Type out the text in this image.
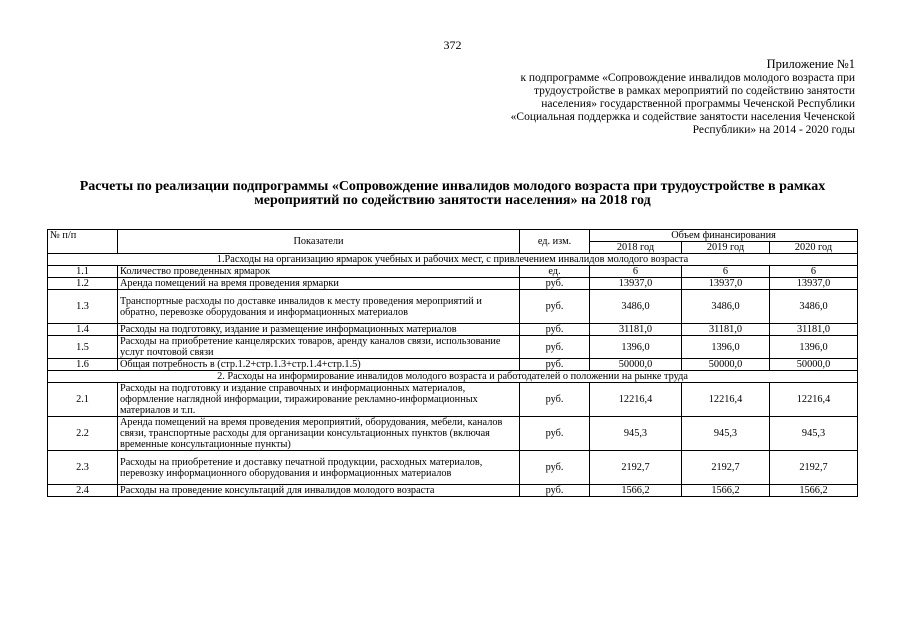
372
Приложение №1
к подпрограмме «Сопровождение инвалидов молодого возраста при трудоустройстве в рамках мероприятий по содействию занятости населения» государственной программы Чеченской Республики «Социальная поддержка и содействие занятости населения Чеченской Республики» на 2014 - 2020 годы
Расчеты по реализации подпрограммы «Сопровождение инвалидов молодого возраста при трудоустройстве в рамках мероприятий по содействию занятости населения» на 2018 год
№ п/п	Показатели	ед. изм.	Объем финансирования		
			2018 год	2019 год	2020 год
1.Расходы на организацию ярмарок учебных и рабочих мест, с привлечением инвалидов молодого возраста					
1.1	Количество проведенных ярмарок	ед.	6	6	6
1.2	Аренда помещений на время проведения ярмарки	руб.	13937,0	13937,0	13937,0
1.3	Транспортные расходы по доставке инвалидов к месту проведения мероприятий и обратно, перевозке оборудования и информационных материалов	руб.	3486,0	3486,0	3486,0
1.4	Расходы на подготовку, издание и размещение информационных материалов	руб.	31181,0	31181,0	31181,0
1.5	Расходы на приобретение канцелярских товаров, аренду каналов связи, использование услуг почтовой связи	руб.	1396,0	1396,0	1396,0
1.6	Общая потребность в (стр.1.2+стр.1.3+стр.1.4+стр.1.5)	руб.	50000,0	50000,0	50000,0
2. Расходы на информирование инвалидов молодого возраста и работодателей о положении на рынке труда					
2.1	Расходы на подготовку и издание справочных и информационных материалов, оформление наглядной информации, тиражирование рекламно-информационных материалов и т.п.	руб.	12216,4	12216,4	12216,4
2.2	Аренда помещений на время проведения мероприятий, оборудования, мебели, каналов связи, транспортные расходы для организации консультационных пунктов (включая временные консультационные пункты)	руб.	945,3	945,3	945,3
2.3	Расходы на приобретение и доставку печатной продукции, расходных материалов, перевозку информационного оборудования и информационных материалов	руб.	2192,7	2192,7	2192,7
2.4	Расходы на проведение консультаций для инвалидов молодого возраста	руб.	1566,2	1566,2	1566,2
